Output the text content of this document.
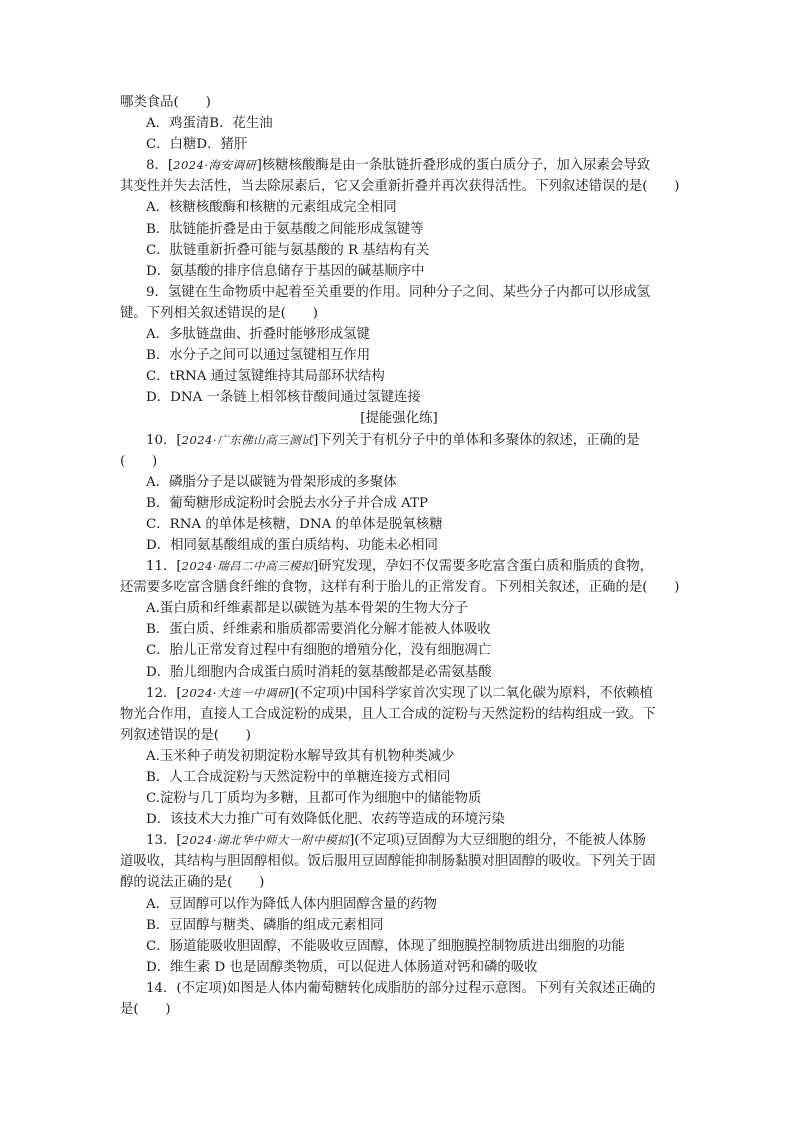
哪类食品(　　)
A．鸡蛋清B．花生油
C．白糖D．猪肝
8．[2024·海安调研]核糖核酸酶是由一条肽链折叠形成的蛋白质分子，加入尿素会导致
其变性并失去活性，当去除尿素后，它又会重新折叠并再次获得活性。下列叙述错误的是(　　)
A．核糖核酸酶和核糖的元素组成完全相同
B．肽链能折叠是由于氨基酸之间能形成氢键等
C．肽链重新折叠可能与氨基酸的 R 基结构有关
D．氨基酸的排序信息储存于基因的碱基顺序中
9．氢键在生命物质中起着至关重要的作用。同种分子之间、某些分子内都可以形成氢
键。下列相关叙述错误的是(　　)
A．多肽链盘曲、折叠时能够形成氢键
B．水分子之间可以通过氢键相互作用
C．tRNA 通过氢键维持其局部环状结构
D．DNA 一条链上相邻核苷酸间通过氢键连接
[提能强化练]
10．[2024·广东佛山高三测试]下列关于有机分子中的单体和多聚体的叙述，正确的是
(　　)
A．磷脂分子是以碳链为骨架形成的多聚体
B．葡萄糖形成淀粉时会脱去水分子并合成 ATP
C．RNA 的单体是核糖，DNA 的单体是脱氧核糖
D．相同氨基酸组成的蛋白质结构、功能未必相同
11．[2024·瑞昌二中高三模拟]研究发现，孕妇不仅需要多吃富含蛋白质和脂质的食物，
还需要多吃富含膳食纤维的食物，这样有利于胎儿的正常发育。下列相关叙述，正确的是(　　)
A.蛋白质和纤维素都是以碳链为基本骨架的生物大分子
B．蛋白质、纤维素和脂质都需要消化分解才能被人体吸收
C．胎儿正常发育过程中有细胞的增殖分化，没有细胞凋亡
D．胎儿细胞内合成蛋白质时消耗的氨基酸都是必需氨基酸
12．[2024·大连一中调研](不定项)中国科学家首次实现了以二氧化碳为原料，不依赖植
物光合作用，直接人工合成淀粉的成果，且人工合成的淀粉与天然淀粉的结构组成一致。下
列叙述错误的是(　　)
A.玉米种子萌发初期淀粉水解导致其有机物种类减少
B．人工合成淀粉与天然淀粉中的单糖连接方式相同
C.淀粉与几丁质均为多糖，且都可作为细胞中的储能物质
D．该技术大力推广可有效降低化肥、农药等造成的环境污染
13．[2024·湖北华中师大一附中模拟](不定项)豆固醇为大豆细胞的组分，不能被人体肠
道吸收，其结构与胆固醇相似。饭后服用豆固醇能抑制肠黏膜对胆固醇的吸收。下列关于固
醇的说法正确的是(　　)
A．豆固醇可以作为降低人体内胆固醇含量的药物
B．豆固醇与糖类、磷脂的组成元素相同
C．肠道能吸收胆固醇，不能吸收豆固醇，体现了细胞膜控制物质进出细胞的功能
D．维生素 D 也是固醇类物质，可以促进人体肠道对钙和磷的吸收
14．(不定项)如图是人体内葡萄糖转化成脂肪的部分过程示意图。下列有关叙述正确的
是(　　)
